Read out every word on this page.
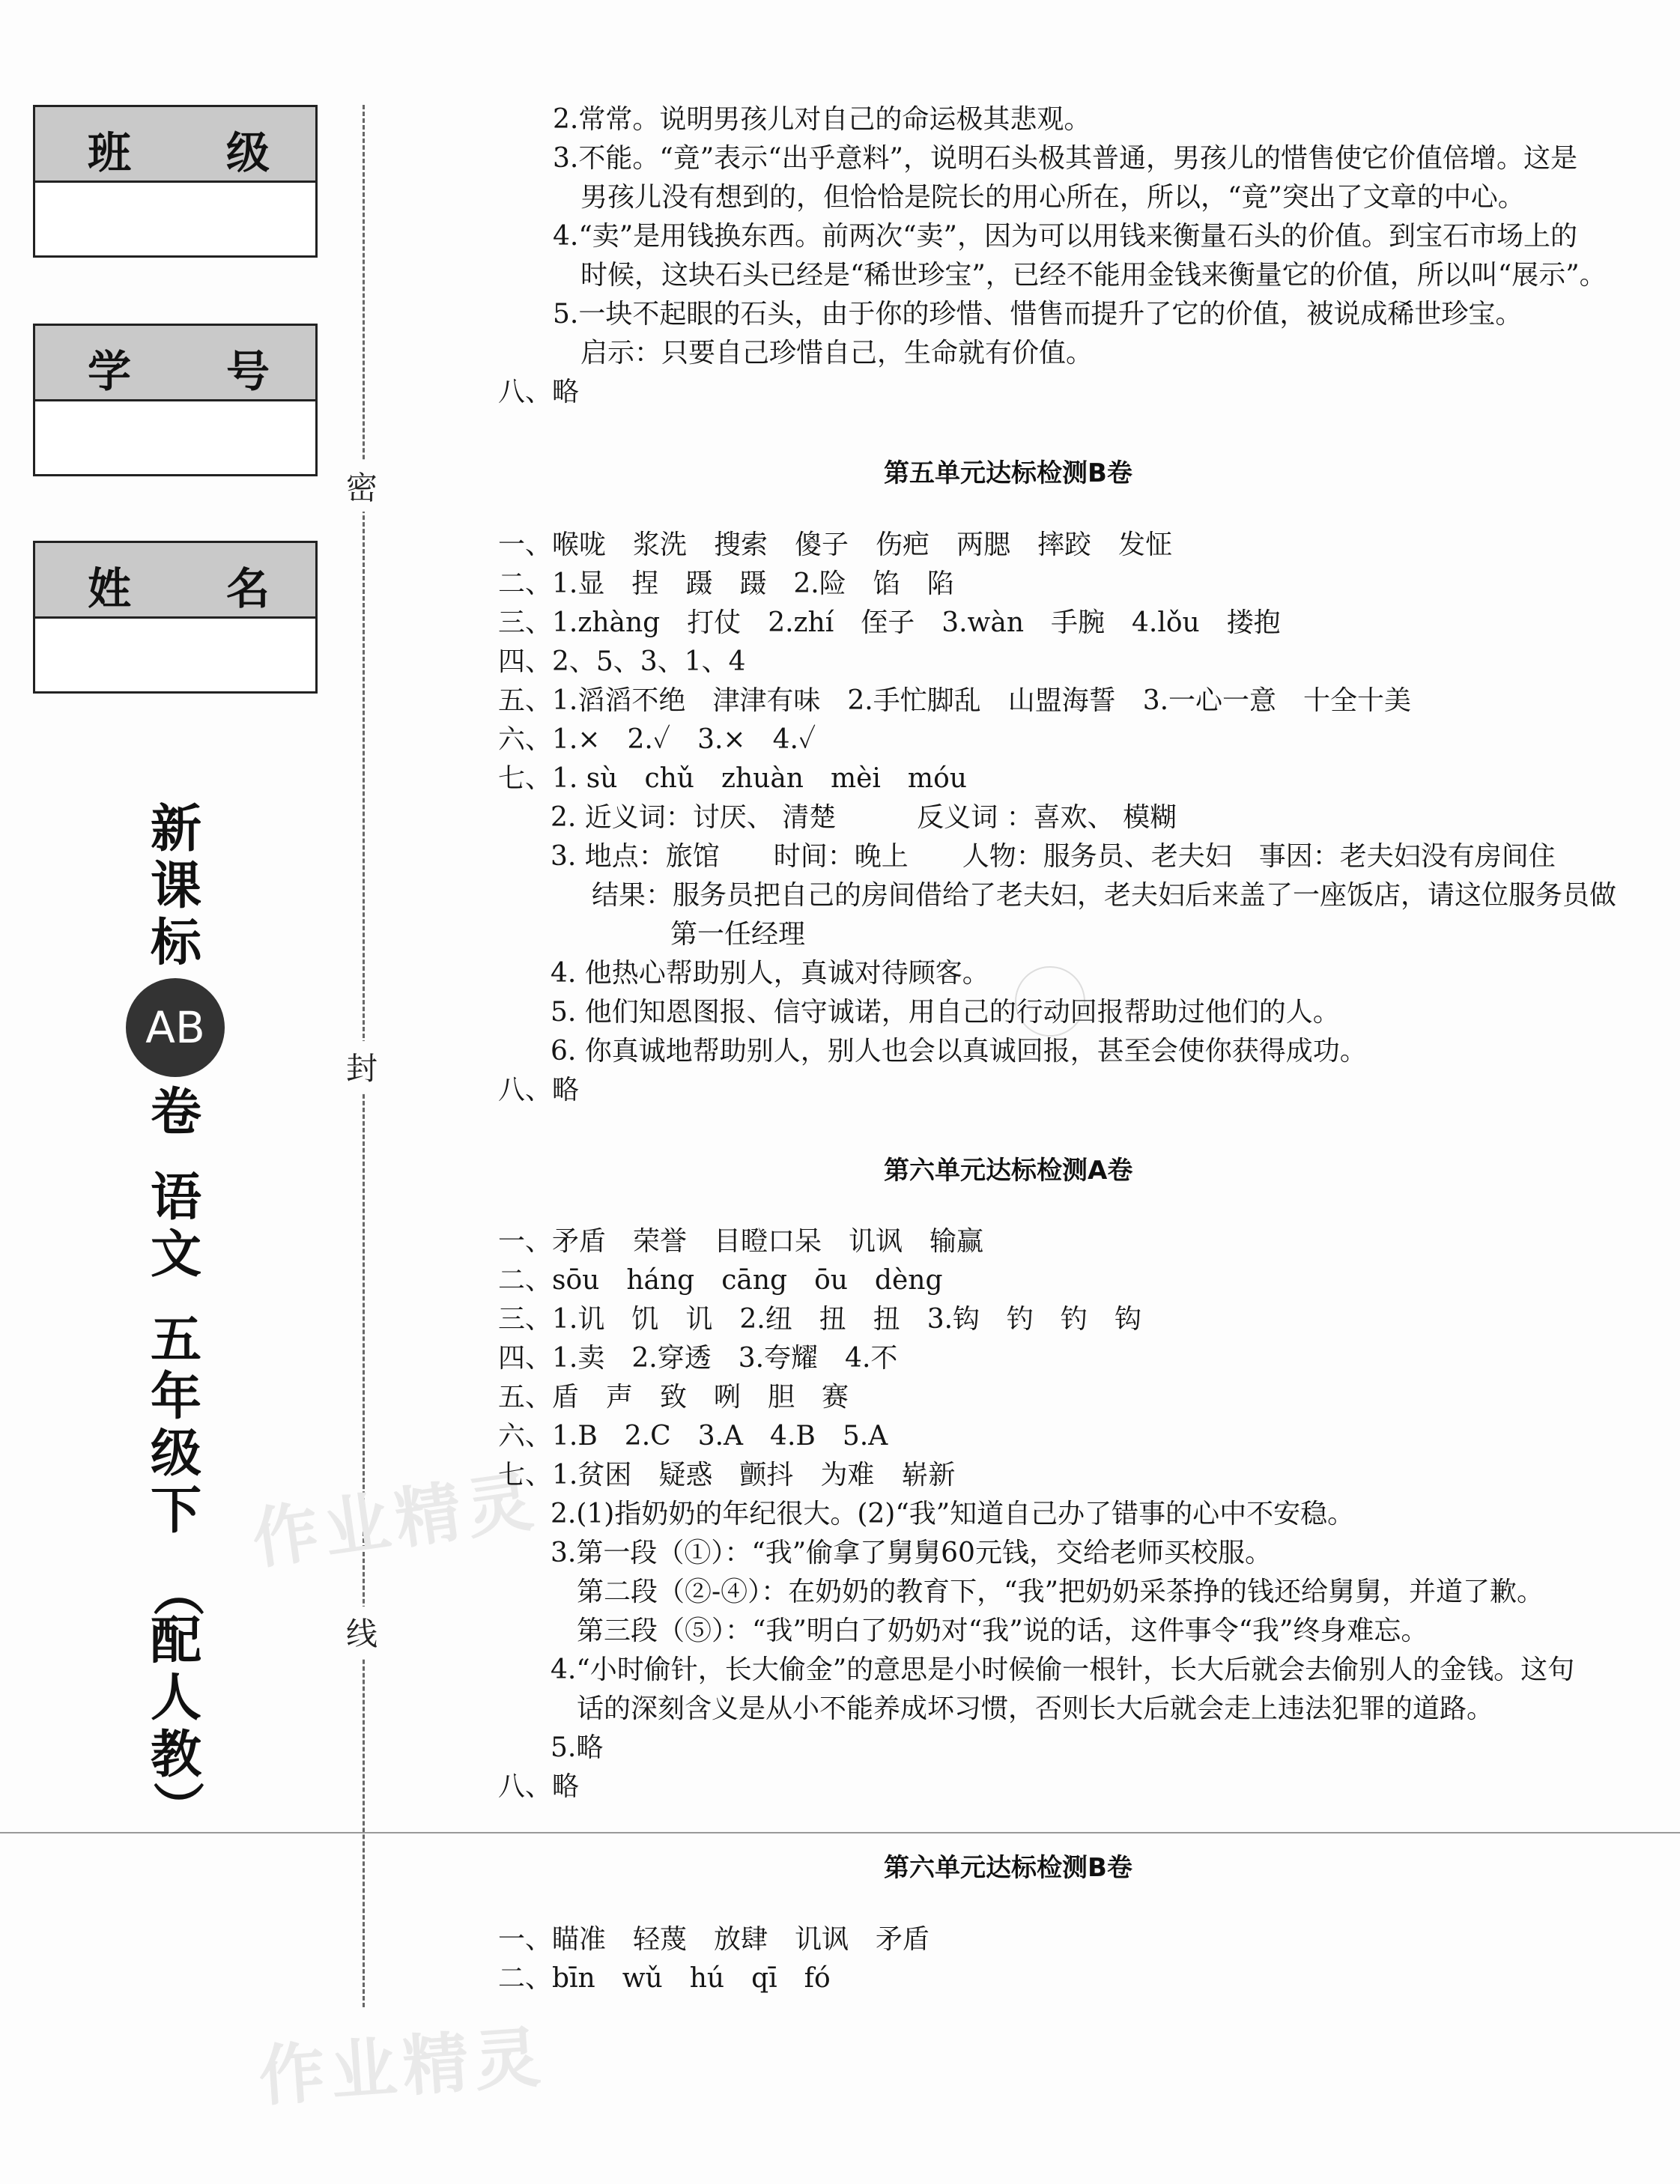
班 级
学 号
姓 名
新
课
标
AB
卷
语
文
五
年
级
下
（
配
人
教
）
密
封
线
作业精灵
作业精灵
2.常常。说明男孩儿对自己的命运极其悲观。
3.不能。“竟”表示“出乎意料”，说明石头极其普通，男孩儿的惜售使它价值倍增。这是
男孩儿没有想到的，但恰恰是院长的用心所在，所以，“竟”突出了文章的中心。
4.“卖”是用钱换东西。前两次“卖”，因为可以用钱来衡量石头的价值。到宝石市场上的
时候，这块石头已经是“稀世珍宝”，已经不能用金钱来衡量它的价值，所以叫“展示”。
5.一块不起眼的石头，由于你的珍惜、惜售而提升了它的价值，被说成稀世珍宝。
启示：只要自己珍惜自己，生命就有价值。
八、略
第五单元达标检测B卷
一、喉咙　浆洗　搜索　傻子　伤疤　两腮　摔跤　发怔
二、1.显　捏　蹑　蹑　2.险　馅　陷
三、1.zhàng　打仗　2.zhí　侄子　3.wàn　手腕　4.lǒu　搂抱
四、2、5、3、1、4
五、1.滔滔不绝　津津有味　2.手忙脚乱　山盟海誓　3.一心一意　十全十美
六、1.×　2.✓　3.×　4.✓
七、1. sù　chǔ　zhuàn　mèi　móu
2. 近义词：讨厌、 清楚　　　反义词 ：喜欢、 模糊
3. 地点：旅馆　　时间：晚上　　人物：服务员、老夫妇　事因：老夫妇没有房间住
结果：服务员把自己的房间借给了老夫妇，老夫妇后来盖了一座饭店，请这位服务员做
第一任经理
4. 他热心帮助别人，真诚对待顾客。
5. 他们知恩图报、信守诚诺，用自己的行动回报帮助过他们的人。
6. 你真诚地帮助别人，别人也会以真诚回报，甚至会使你获得成功。
八、略
第六单元达标检测A卷
一、矛盾　荣誉　目瞪口呆　讥讽　输赢
二、sōu　háng　cāng　ōu　dèng
三、1.讥　饥　讥　2.纽　扭　扭　3.钩　钓　钓　钩
四、1.卖　2.穿透　3.夸耀　4.不
五、盾　声　致　咧　胆　赛
六、1.B　2.C　3.A　4.B　5.A
七、1.贫困　疑惑　颤抖　为难　崭新
2.(1)指奶奶的年纪很大。(2)“我”知道自己办了错事的心中不安稳。
3.第一段（①）：“我”偷拿了舅舅60元钱，交给老师买校服。
第二段（②-④）：在奶奶的教育下，“我”把奶奶采茶挣的钱还给舅舅，并道了歉。
第三段（⑤）：“我”明白了奶奶对“我”说的话，这件事令“我”终身难忘。
4.“小时偷针，长大偷金”的意思是小时候偷一根针，长大后就会去偷别人的金钱。这句
话的深刻含义是从小不能养成坏习惯，否则长大后就会走上违法犯罪的道路。
5.略
八、略
第六单元达标检测B卷
一、瞄准　轻蔑　放肆　讥讽　矛盾
二、bīn　wǔ　hú　qī　fó
